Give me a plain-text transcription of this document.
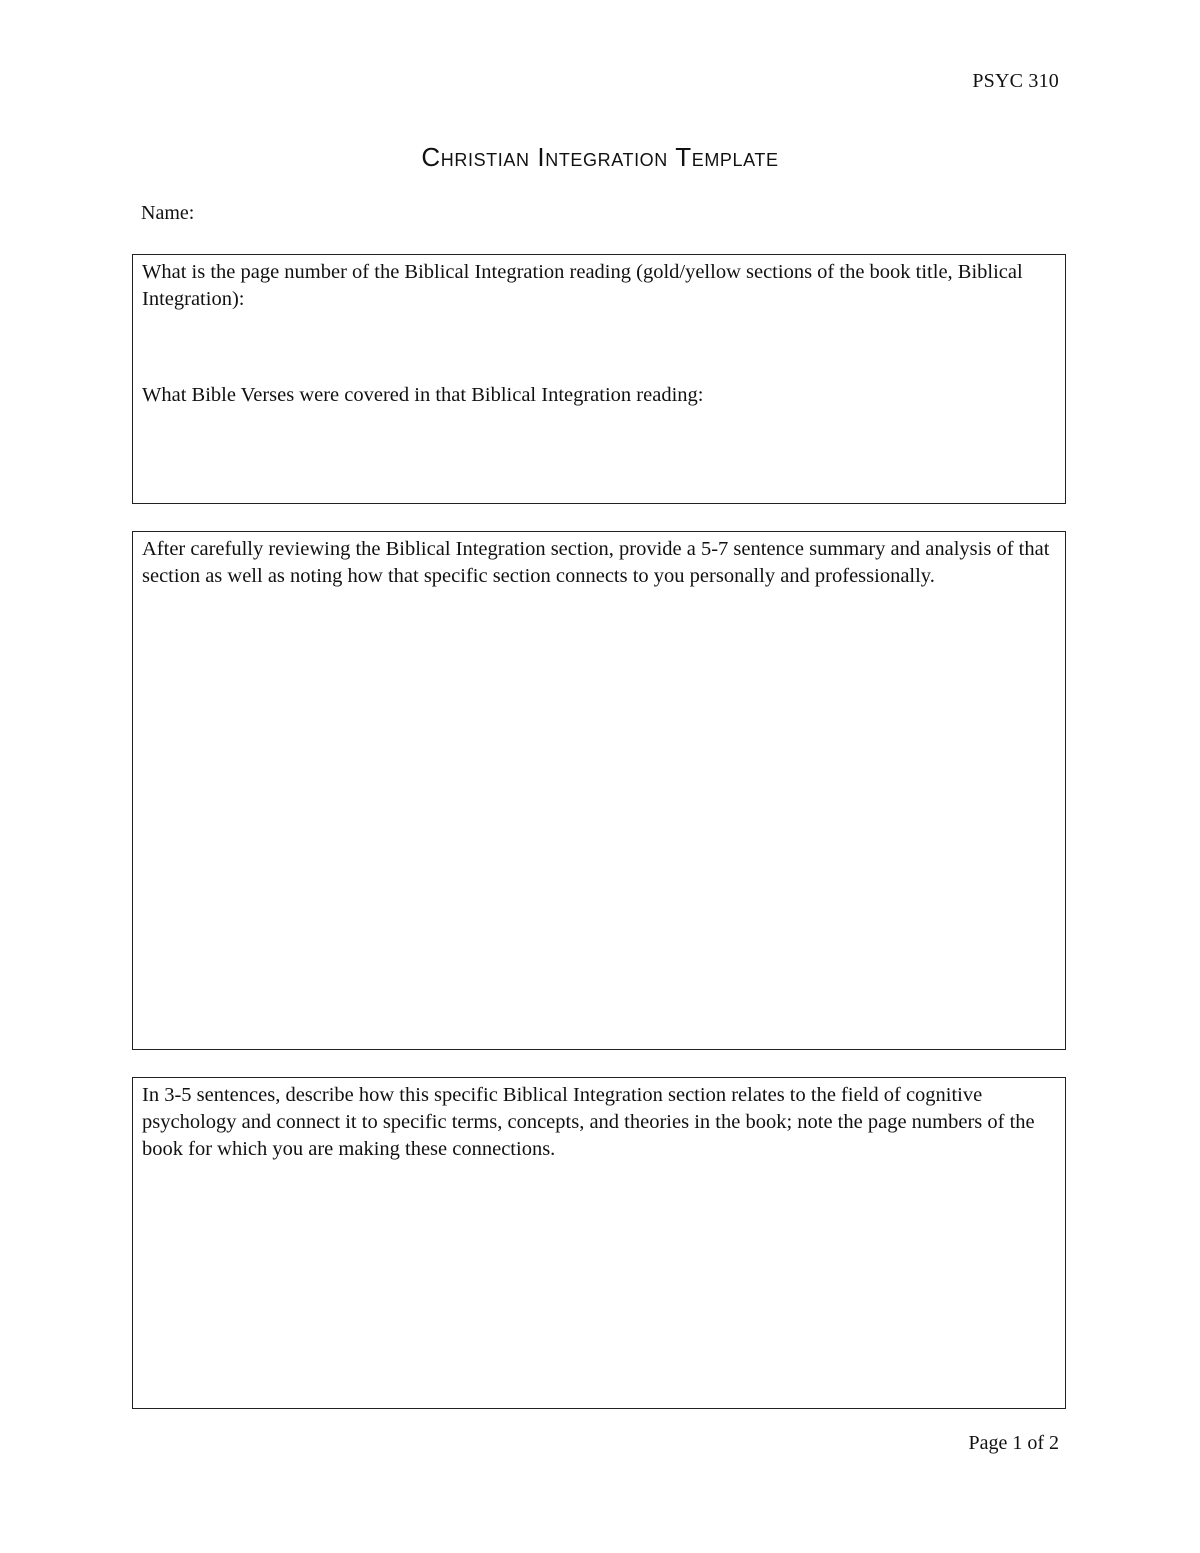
PSYC 310
Christian Integration Template
Name:

What is the page number of the Biblical Integration reading (gold/yellow sections of the book title, Biblical Integration):

What Bible Verses were covered in that Biblical Integration reading:

After carefully reviewing the Biblical Integration section, provide a 5-7 sentence summary and analysis of that section as well as noting how that specific section connects to you personally and professionally.

In 3-5 sentences, describe how this specific Biblical Integration section relates to the field of cognitive psychology and connect it to specific terms, concepts, and theories in the book; note the page numbers of the book for which you are making these connections.

Page 1 of 2
